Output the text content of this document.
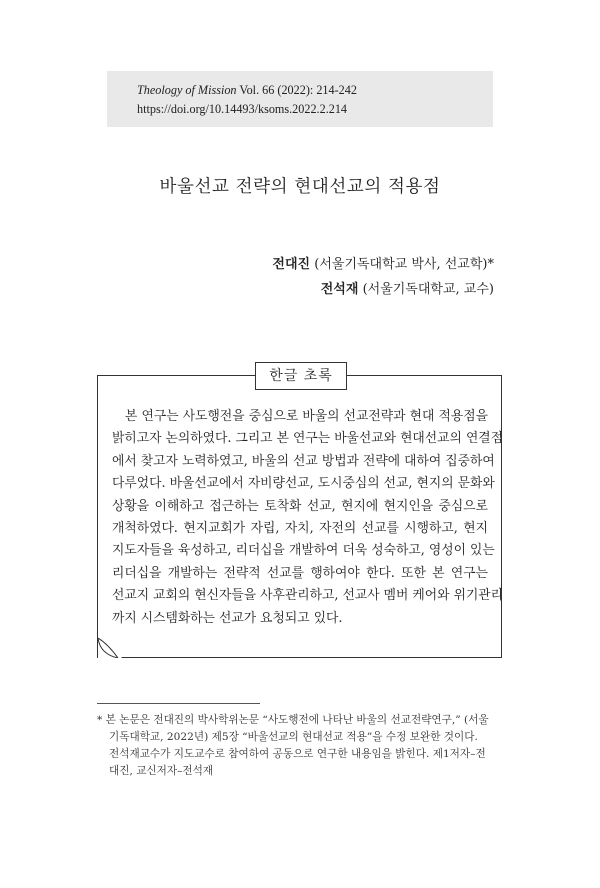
Theology of Mission Vol. 66 (2022): 214-242
https://doi.org/10.14493/ksoms.2022.2.214
바울선교 전략의 현대선교의 적용점
전대진 (서울기독대학교 박사, 선교학)*
전석재 (서울기독대학교, 교수)
한글 초록
본 연구는 사도행전을 중심으로 바울의 선교전략과 현대 적용점을
밝히고자 논의하였다. 그리고 본 연구는 바울선교와 현대선교의 연결점
에서 찾고자 노력하였고, 바울의 선교 방법과 전략에 대하여 집중하여
다루었다. 바울선교에서 자비량선교, 도시중심의 선교, 현지의 문화와
상황을 이해하고 접근하는 토착화 선교, 현지에 현지인을 중심으로
개척하였다. 현지교회가 자립, 자치, 자전의 선교를 시행하고, 현지
지도자들을 육성하고, 리더십을 개발하여 더욱 성숙하고, 영성이 있는
리더십을 개발하는 전략적 선교를 행하여야 한다. 또한 본 연구는
선교지 교회의 현신자들을 사후관리하고, 선교사 멤버 케어와 위기관리
까지 시스템화하는 선교가 요청되고 있다.
* 본 논문은 전대진의 박사학위논문 “사도행전에 나타난 바울의 선교전략연구,” (서울
기독대학교, 2022년) 제5장 “바울선교의 현대선교 적용”을 수정 보완한 것이다.
전석재교수가 지도교수로 참여하여 공동으로 연구한 내용임을 밝힌다. 제1저자–전
대진, 교신저자–전석재
